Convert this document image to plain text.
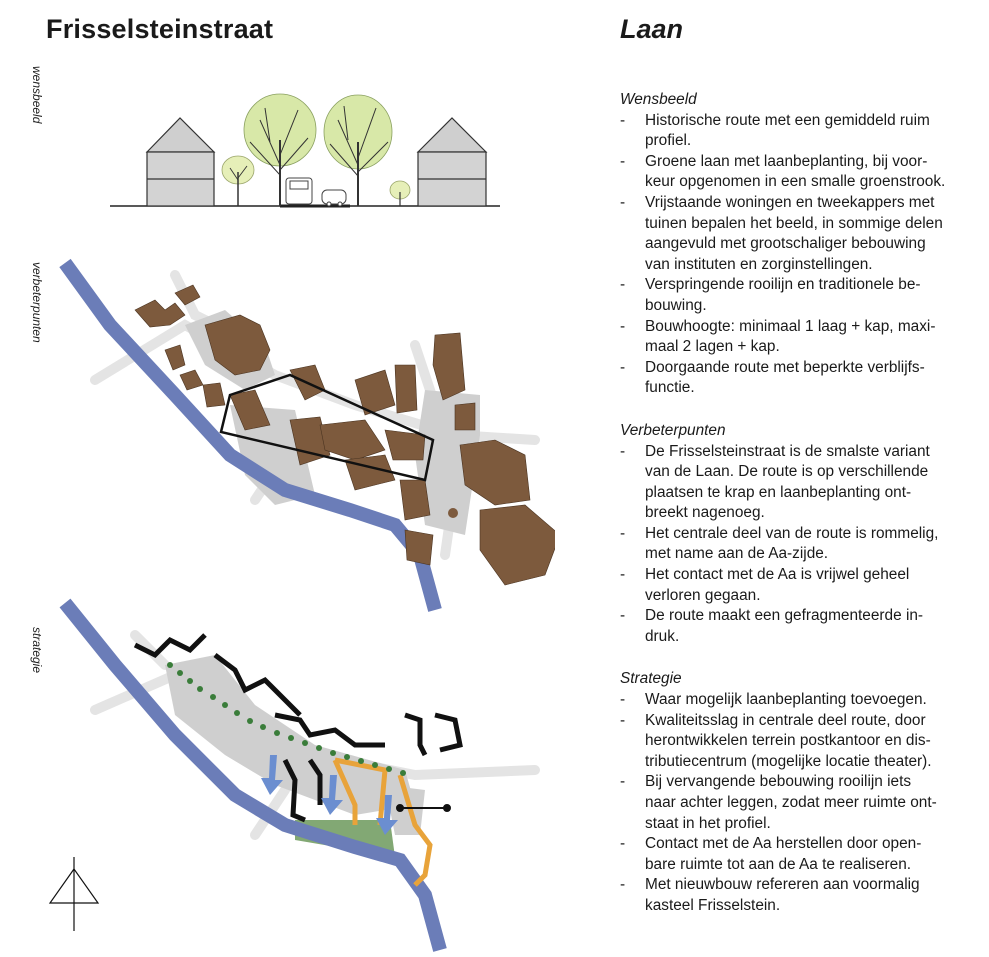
Frisselsteinstraat	Laan
wensbeeld
verbeterpunten
strategie

Wensbeeld

- Historische route met een gemiddeld ruim
profiel.
- Groene laan met laanbeplanting, bij voor-
keur opgenomen in een smalle groenstrook.
- Vrijstaande woningen en tweekappers met
tuinen bepalen het beeld, in sommige delen
aangevuld met grootschaliger bebouwing
van instituten en zorginstellingen.
- Verspringende rooilijn en traditionele be-
bouwing.
- Bouwhoogte: minimaal 1 laag + kap, maxi-
maal 2 lagen + kap.
- Doorgaande route met beperkte verblijfs-
functie.

Verbeterpunten

- De Frisselsteinstraat is de smalste variant
van de Laan. De route is op verschillende
plaatsen te krap en laanbeplanting ont-
breekt nagenoeg.
- Het centrale deel van de route is rommelig,
met name aan de Aa-zijde.
- Het contact met de Aa is vrijwel geheel
verloren gegaan.
- De route maakt een gefragmenteerde in-
druk.

Strategie

- Waar mogelijk laanbeplanting toevoegen.
- Kwaliteitsslag in centrale deel route, door
herontwikkelen terrein postkantoor en dis-
tributiecentrum (mogelijke locatie theater).
- Bij vervangende bebouwing rooilijn iets
naar achter leggen, zodat meer ruimte ont-
staat in het profiel.
- Contact met de Aa herstellen door open-
bare ruimte tot aan de Aa te realiseren.
- Met nieuwbouw refereren aan voormalig
kasteel Frisselstein.
